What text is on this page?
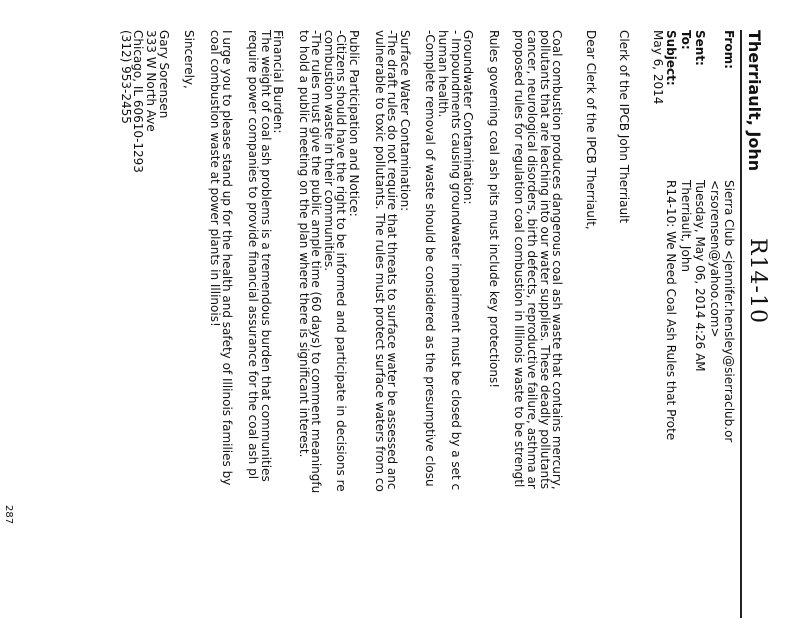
R14-10
Therriault, John
From:
Sierra Club <jennifer.hensley@sierraclub.or
<rsorensen@yahoo.com>
Sent:
Tuesday, May 06, 2014 4:26 AM
To:
Therriault, John
Subject:
R14-10: We Need Coal Ash Rules that Prote
May 6, 2014
Clerk of the IPCB John Therriault
Dear Clerk of the IPCB Therriault,
Coal combustion produces dangerous coal ash waste that contains mercury,
pollutants that are leaching into our water supplies. These deadly pollutants
cancer, neurological disorders, birth defects, reproductive failure, asthma ar
proposed rules for regulation coal combustion in Illinois waste to be strengtl
Rules governing coal ash pits must include key protections!
Groundwater Contamination:
- Impoundments causing groundwater impairment must be closed by a set c
human health.
-Complete removal of waste should be considered as the presumptive closu
Surface Water Contamination:
-The draft rules do not require that threats to surface water be assessed anc
vulnerable to toxic pollutants. The rules must protect surface waters from co
Public Participation and Notice:
-Citizens should have the right to be informed and participate in decisions re
combustion waste in their communities.
-The rules must give the public ample time (60 days) to comment meaningfu
to hold a public meeting on the plan where there is significant interest.
Financial Burden:
The weight of coal ash problems is a tremendous burden that communities
require power companies to provide financial assurance for the coal ash pl
I urge you to please stand up for the health and safety of Illinois families by
coal combustion waste at power plants in Illinois!
Sincerely,
Gary Sorensen
333 W North Ave
Chicago, IL 60610-1293
(312) 953-2455
287
